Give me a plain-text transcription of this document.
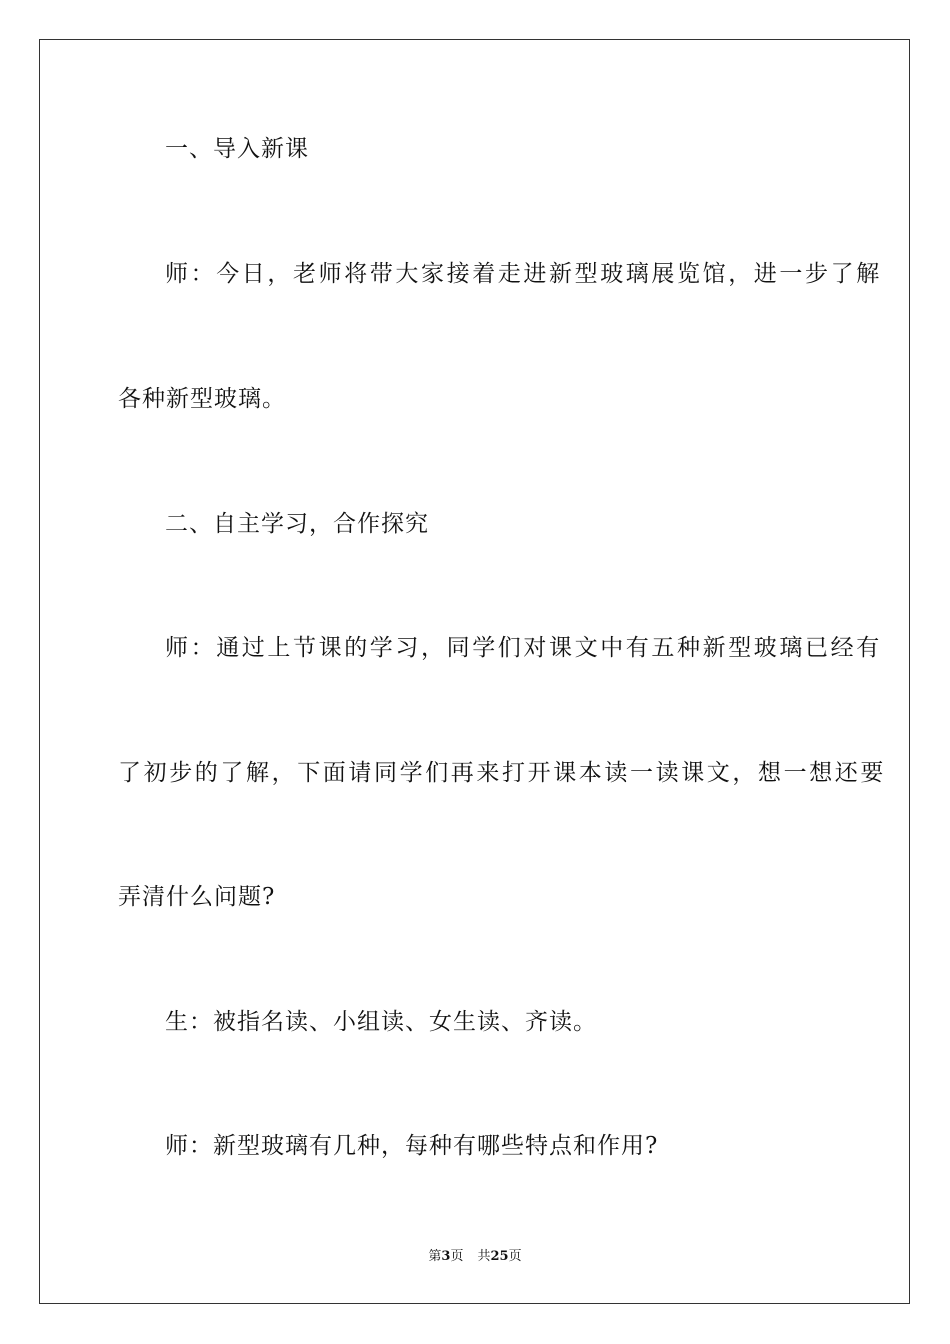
一、导入新课
师：今日，老师将带大家接着走进新型玻璃展览馆，进一步了解
各种新型玻璃。
二、自主学习，合作探究
师：通过上节课的学习，同学们对课文中有五种新型玻璃已经有
了初步的了解，下面请同学们再来打开课本读一读课文，想一想还要
弄清什么问题?
生：被指名读、小组读、女生读、齐读。
师：新型玻璃有几种，每种有哪些特点和作用?
第3页 共25页
